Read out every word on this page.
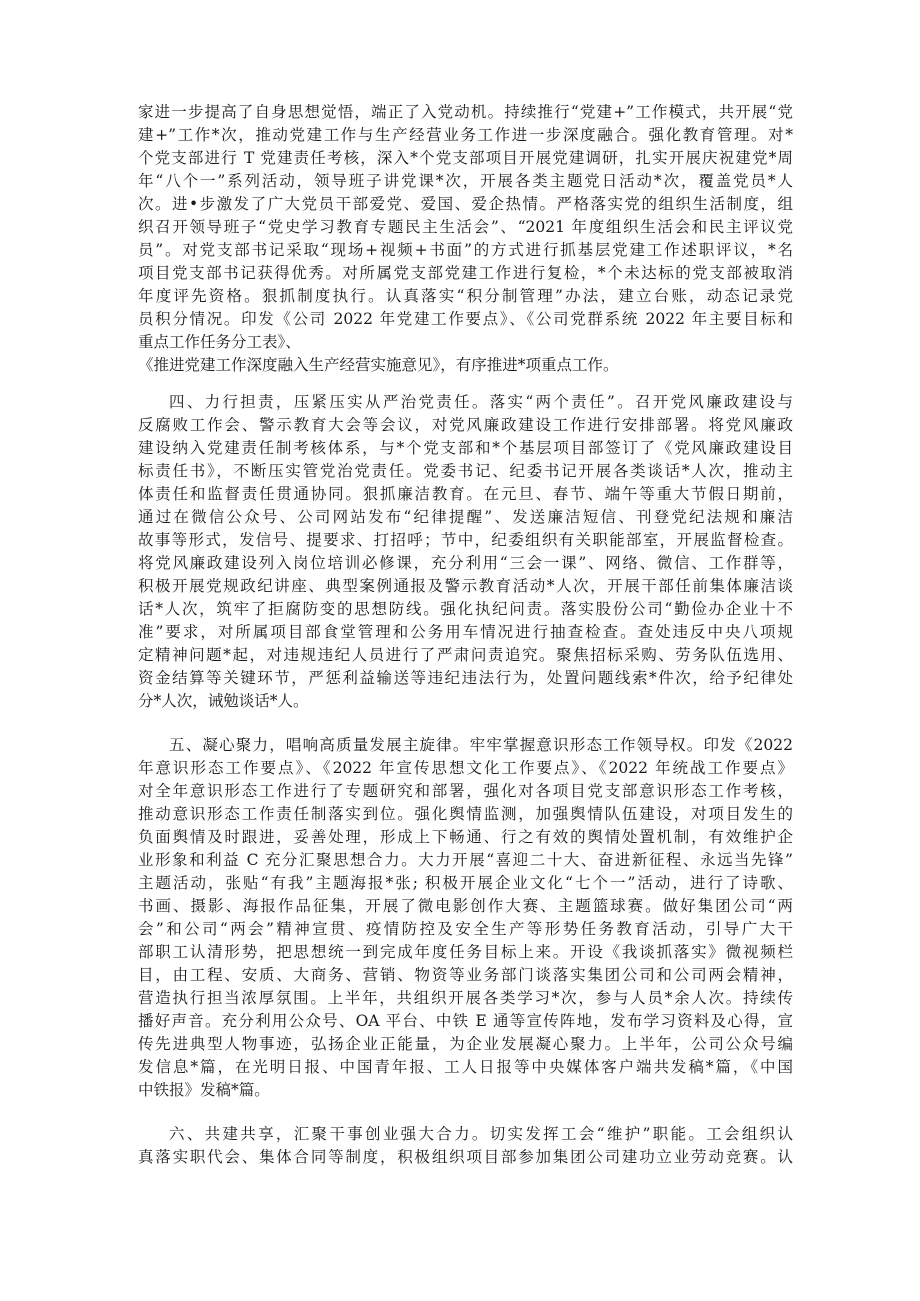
家进一步提高了自身思想觉悟，端正了入党动机。持续推行“党建+”工作模式，共开展“党
建+”工作*次，推动党建工作与生产经营业务工作进一步深度融合。强化教育管理。对*
个党支部进行 T 党建责任考核，深入*个党支部项目开展党建调研，扎实开展庆祝建党*周
年“八个一”系列活动，领导班子讲党课*次，开展各类主题党日活动*次，覆盖党员*人
次。进•步激发了广大党员干部爱党、爱国、爱企热情。严格落实党的组织生活制度，组
织召开领导班子“党史学习教育专题民主生活会”、“2021 年度组织生活会和民主评议党
员”。对党支部书记采取“现场+视频+书面”的方式进行抓基层党建工作述职评议，*名
项目党支部书记获得优秀。对所属党支部党建工作进行复检，*个未达标的党支部被取消
年度评先资格。狠抓制度执行。认真落实“积分制管理”办法，建立台账，动态记录党
员积分情况。印发《公司 2022 年党建工作要点》、《公司党群系统 2022 年主要目标和
重点工作任务分工表》、
《推进党建工作深度融入生产经营实施意见》，有序推进*项重点工作。
四、力行担责，压紧压实从严治党责任。落实“两个责任”。召开党风廉政建设与
反腐败工作会、警示教育大会等会议，对党风廉政建设工作进行安排部署。将党风廉政
建设纳入党建责任制考核体系，与*个党支部和*个基层项目部签订了《党风廉政建设目
标责任书》，不断压实管党治党责任。党委书记、纪委书记开展各类谈话*人次，推动主
体责任和监督责任贯通协同。狠抓廉洁教育。在元旦、春节、端午等重大节假日期前，
通过在微信公众号、公司网站发布“纪律提醒”、发送廉洁短信、刊登党纪法规和廉洁
故事等形式，发信号、提要求、打招呼；节中，纪委组织有关职能部室，开展监督检查。
将党风廉政建设列入岗位培训必修课，充分利用“三会一课”、网络、微信、工作群等，
积极开展党规政纪讲座、典型案例通报及警示教育活动*人次，开展干部任前集体廉洁谈
话*人次，筑牢了拒腐防变的思想防线。强化执纪问责。落实股份公司“勤俭办企业十不
准”要求，对所属项目部食堂管理和公务用车情况进行抽查检查。查处违反中央八项规
定精神问题*起，对违规违纪人员进行了严肃问责追究。聚焦招标采购、劳务队伍选用、
资金结算等关键环节，严惩利益输送等违纪违法行为，处置问题线索*件次，给予纪律处
分*人次，诫勉谈话*人。
五、凝心聚力，唱响高质量发展主旋律。牢牢掌握意识形态工作领导权。印发《2022
年意识形态工作要点》、《2022 年宣传思想文化工作要点》、《2022 年统战工作要点》
对全年意识形态工作进行了专题研究和部署，强化对各项目党支部意识形态工作考核，
推动意识形态工作责任制落实到位。强化舆情监测，加强舆情队伍建设，对项目发生的
负面舆情及时跟进，妥善处理，形成上下畅通、行之有效的舆情处置机制，有效维护企
业形象和利益 C 充分汇聚思想合力。大力开展“喜迎二十大、奋进新征程、永远当先锋”
主题活动，张贴“有我”主题海报*张; 积极开展企业文化“七个一”活动，进行了诗歌、
书画、摄影、海报作品征集，开展了微电影创作大赛、主题篮球赛。做好集团公司“两
会”和公司“两会”精神宣贯、疫情防控及安全生产等形势任务教育活动，引导广大干
部职工认清形势，把思想统一到完成年度任务目标上来。开设《我谈抓落实》微视频栏
目，由工程、安质、大商务、营销、物资等业务部门谈落实集团公司和公司两会精神，
营造执行担当浓厚氛围。上半年，共组织开展各类学习*次，参与人员*余人次。持续传
播好声音。充分利用公众号、OA 平台、中铁 E 通等宣传阵地，发布学习资料及心得，宣
传先进典型人物事迹，弘扬企业正能量，为企业发展凝心聚力。上半年，公司公众号编
发信息*篇，在光明日报、中国青年报、工人日报等中央媒体客户端共发稿*篇，《中国
中铁报》发稿*篇。
六、共建共享，汇聚干事创业强大合力。切实发挥工会“维护”职能。工会组织认
真落实职代会、集体合同等制度，积极组织项目部参加集团公司建功立业劳动竞赛。认
